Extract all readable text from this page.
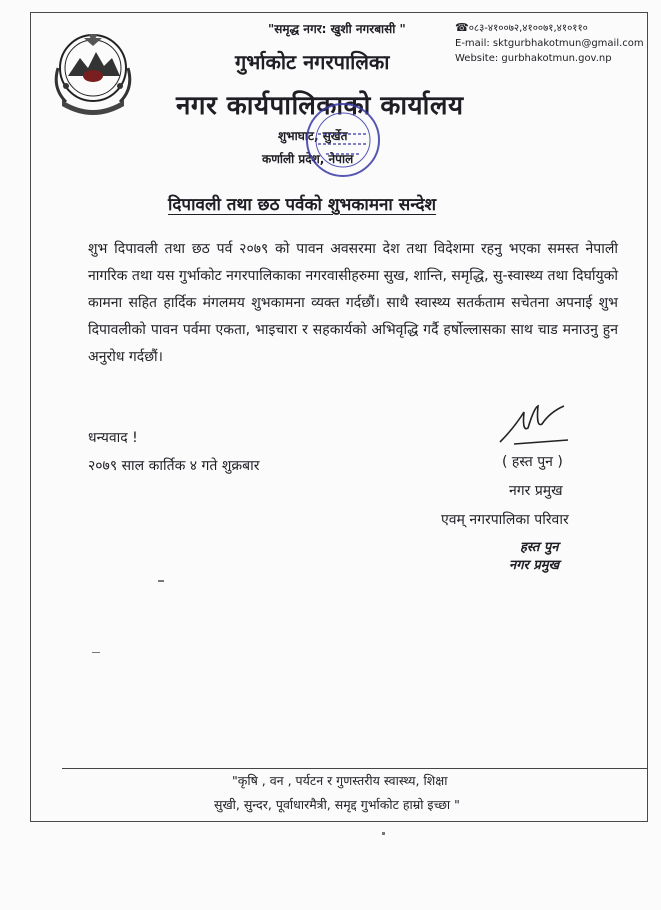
"समृद्ध नगर: खुशी नगरबासी "	☎०८३-४१००७२,४१००७१,४१०११०
E-mail: sktgurbhakotmun@gmail.com
Website: gurbhakotmun.gov.np
गुर्भाकोट नगरपालिका
नगर कार्यपालिकाको कार्यालय
शुभाघाट, सुर्खेत
कर्णाली प्रदेश, नेपाल
दिपावली तथा छठ पर्वको शुभकामना सन्देश
शुभ दिपावली तथा छठ पर्व २०७९ को पावन अवसरमा देश तथा विदेशमा रहनु भएका समस्त नेपाली नागरिक तथा यस गुर्भाकोट नगरपालिकाका नगरवासीहरुमा सुख, शान्ति, समृद्धि, सु-स्वास्थ्य तथा दिर्घायुको कामना सहित हार्दिक मंगलमय शुभकामना व्यक्त गर्दछौं। साथै स्वास्थ्य सतर्कताम सचेतना अपनाई शुभ दिपावलीको पावन पर्वमा एकता, भाइचारा र सहकार्यको अभिवृद्धि गर्दै हर्षोल्लासका साथ चाड मनाउनु हुन अनुरोध गर्दछौं।
धन्यवाद !
२०७९ साल कार्तिक ४ गते शुक्रबार	( हस्त पुन )
नगर प्रमुख
एवम् नगरपालिका परिवार
हस्त पुन
नगर प्रमुख
"कृषि , वन , पर्यटन र गुणस्तरीय स्वास्थ्य, शिक्षा
सुखी, सुन्दर, पूर्वाधारमैत्री, समृद्द गुर्भाकोट हाम्रो इच्छा "
